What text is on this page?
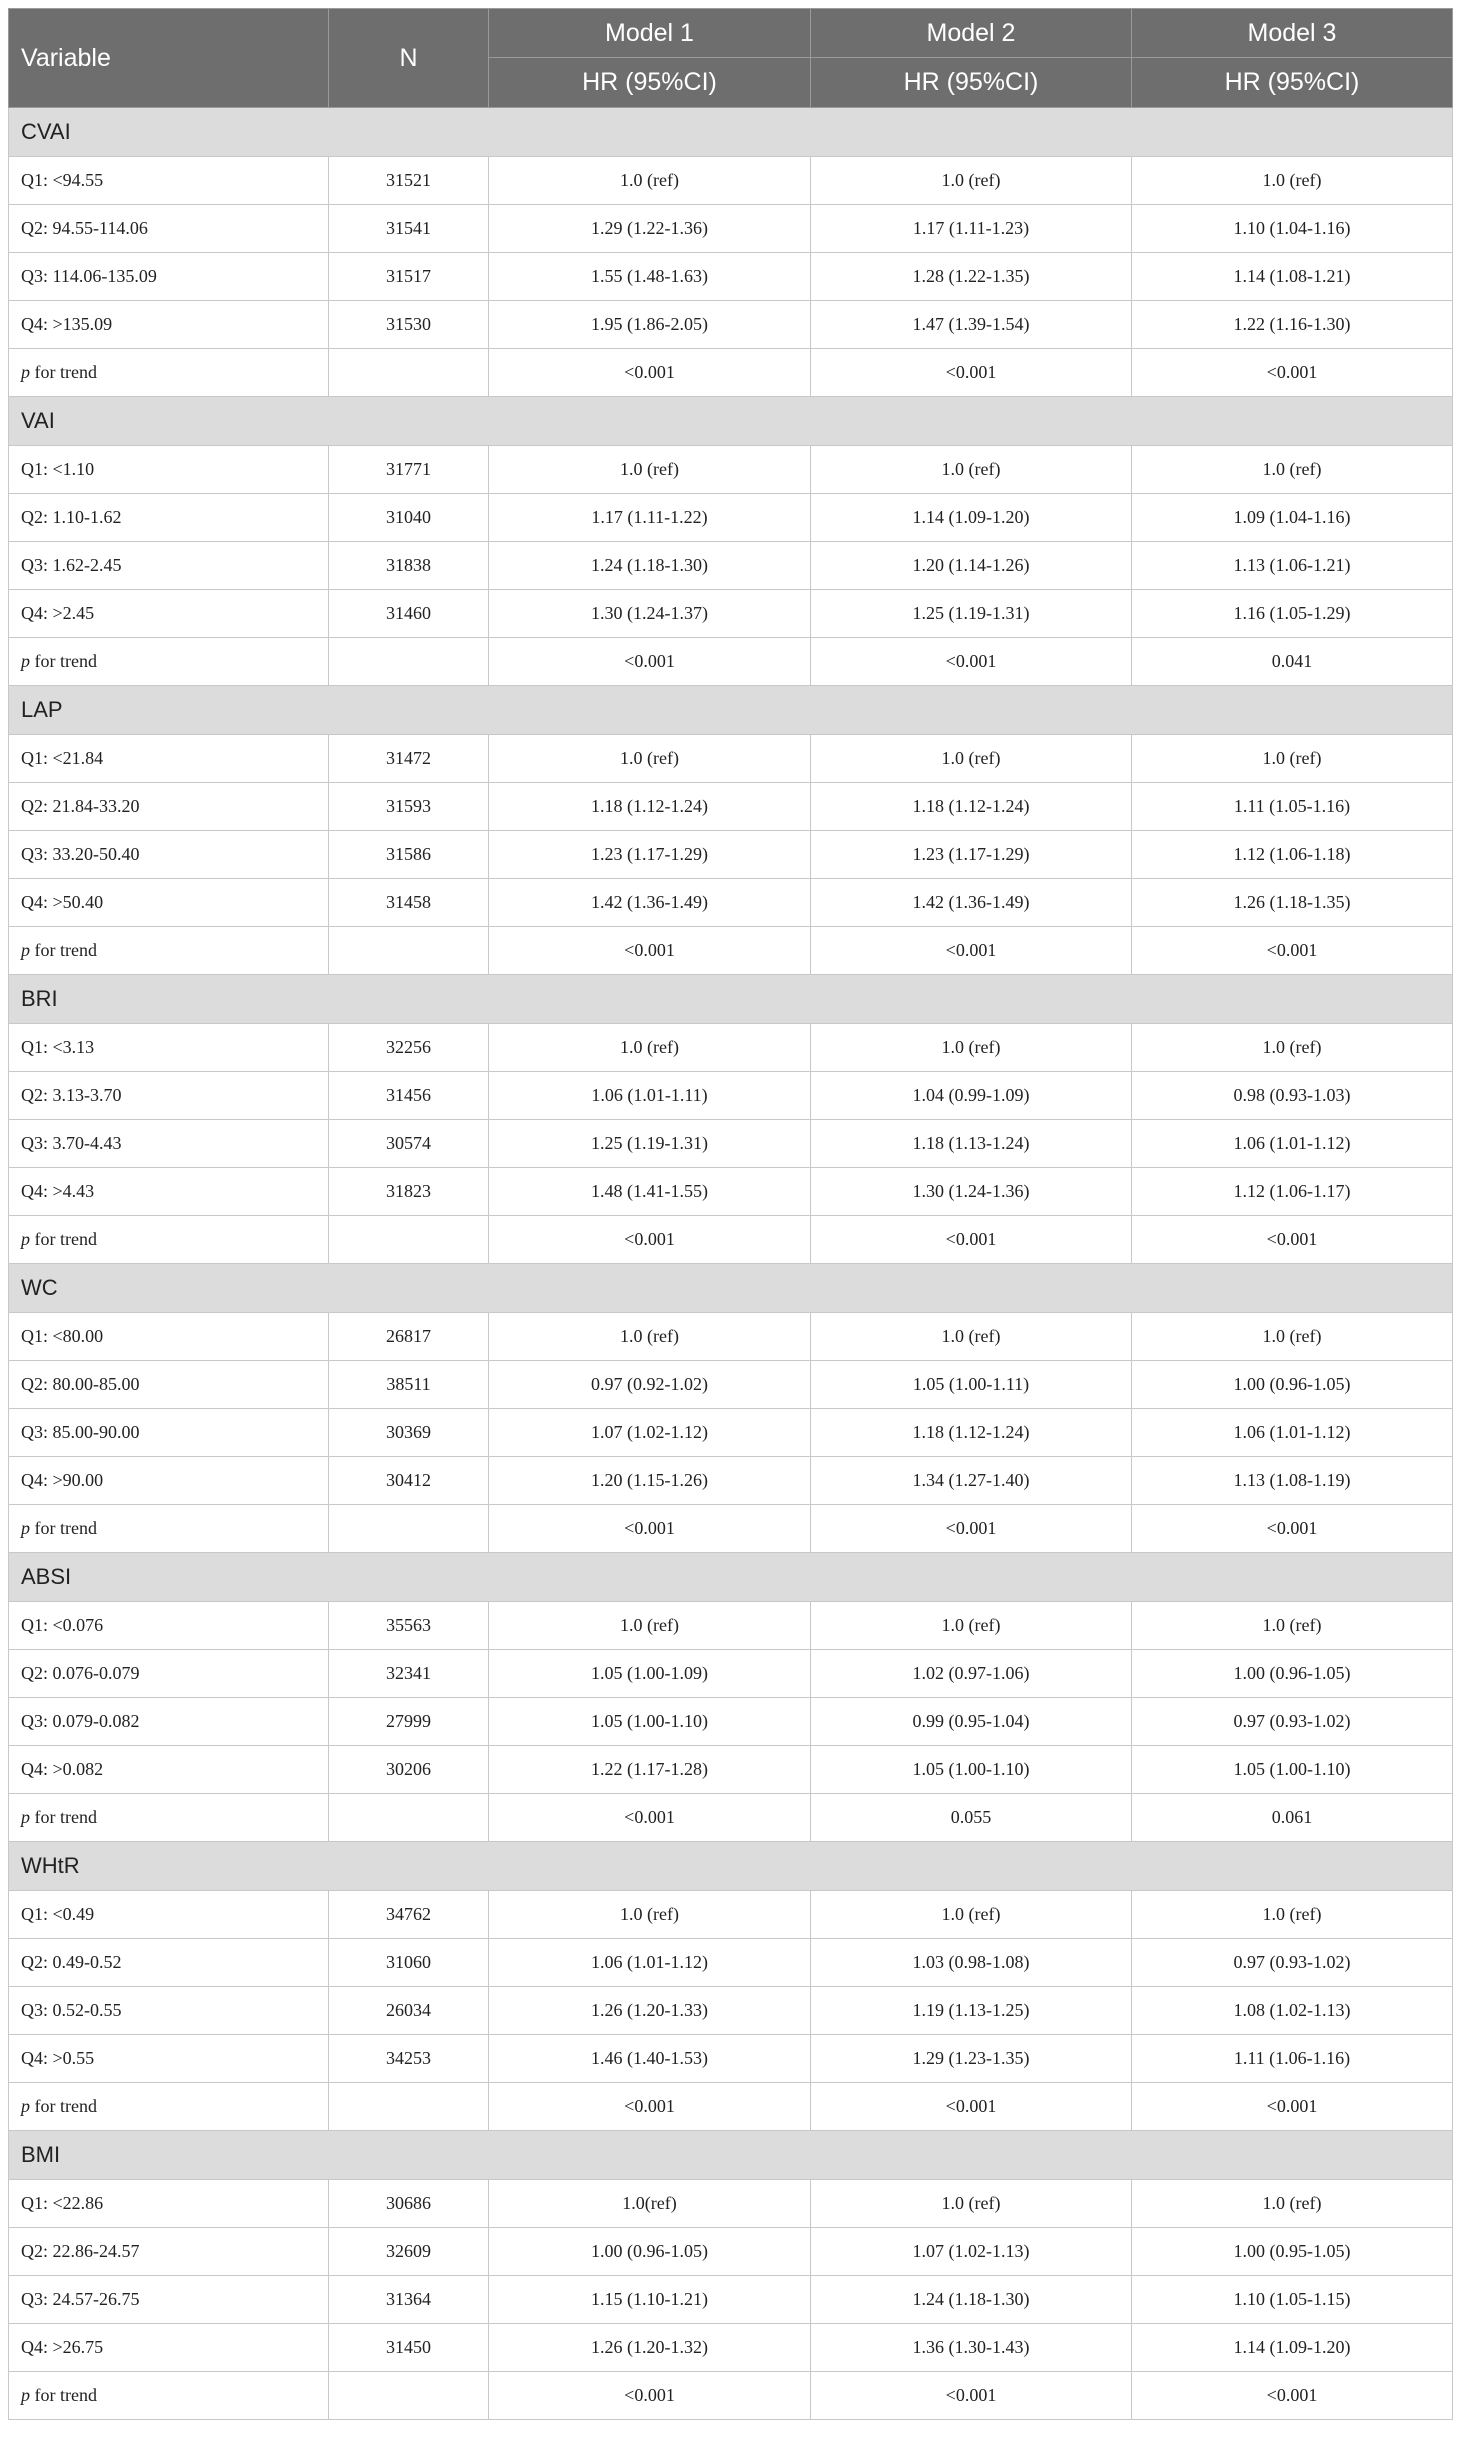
Variable	N	Model 1	Model 2	Model 3
		HR (95%CI)	HR (95%CI)	HR (95%CI)
CVAI				
Q1: <94.55	31521	1.0 (ref)	1.0 (ref)	1.0 (ref)
Q2: 94.55-114.06	31541	1.29 (1.22-1.36)	1.17 (1.11-1.23)	1.10 (1.04-1.16)
Q3: 114.06-135.09	31517	1.55 (1.48-1.63)	1.28 (1.22-1.35)	1.14 (1.08-1.21)
Q4: >135.09	31530	1.95 (1.86-2.05)	1.47 (1.39-1.54)	1.22 (1.16-1.30)
p for trend		<0.001	<0.001	<0.001
VAI				
Q1: <1.10	31771	1.0 (ref)	1.0 (ref)	1.0 (ref)
Q2: 1.10-1.62	31040	1.17 (1.11-1.22)	1.14 (1.09-1.20)	1.09 (1.04-1.16)
Q3: 1.62-2.45	31838	1.24 (1.18-1.30)	1.20 (1.14-1.26)	1.13 (1.06-1.21)
Q4: >2.45	31460	1.30 (1.24-1.37)	1.25 (1.19-1.31)	1.16 (1.05-1.29)
p for trend		<0.001	<0.001	0.041
LAP				
Q1: <21.84	31472	1.0 (ref)	1.0 (ref)	1.0 (ref)
Q2: 21.84-33.20	31593	1.18 (1.12-1.24)	1.18 (1.12-1.24)	1.11 (1.05-1.16)
Q3: 33.20-50.40	31586	1.23 (1.17-1.29)	1.23 (1.17-1.29)	1.12 (1.06-1.18)
Q4: >50.40	31458	1.42 (1.36-1.49)	1.42 (1.36-1.49)	1.26 (1.18-1.35)
p for trend		<0.001	<0.001	<0.001
BRI				
Q1: <3.13	32256	1.0 (ref)	1.0 (ref)	1.0 (ref)
Q2: 3.13-3.70	31456	1.06 (1.01-1.11)	1.04 (0.99-1.09)	0.98 (0.93-1.03)
Q3: 3.70-4.43	30574	1.25 (1.19-1.31)	1.18 (1.13-1.24)	1.06 (1.01-1.12)
Q4: >4.43	31823	1.48 (1.41-1.55)	1.30 (1.24-1.36)	1.12 (1.06-1.17)
p for trend		<0.001	<0.001	<0.001
WC				
Q1: <80.00	26817	1.0 (ref)	1.0 (ref)	1.0 (ref)
Q2: 80.00-85.00	38511	0.97 (0.92-1.02)	1.05 (1.00-1.11)	1.00 (0.96-1.05)
Q3: 85.00-90.00	30369	1.07 (1.02-1.12)	1.18 (1.12-1.24)	1.06 (1.01-1.12)
Q4: >90.00	30412	1.20 (1.15-1.26)	1.34 (1.27-1.40)	1.13 (1.08-1.19)
p for trend		<0.001	<0.001	<0.001
ABSI				
Q1: <0.076	35563	1.0 (ref)	1.0 (ref)	1.0 (ref)
Q2: 0.076-0.079	32341	1.05 (1.00-1.09)	1.02 (0.97-1.06)	1.00 (0.96-1.05)
Q3: 0.079-0.082	27999	1.05 (1.00-1.10)	0.99 (0.95-1.04)	0.97 (0.93-1.02)
Q4: >0.082	30206	1.22 (1.17-1.28)	1.05 (1.00-1.10)	1.05 (1.00-1.10)
p for trend		<0.001	0.055	0.061
WHtR				
Q1: <0.49	34762	1.0 (ref)	1.0 (ref)	1.0 (ref)
Q2: 0.49-0.52	31060	1.06 (1.01-1.12)	1.03 (0.98-1.08)	0.97 (0.93-1.02)
Q3: 0.52-0.55	26034	1.26 (1.20-1.33)	1.19 (1.13-1.25)	1.08 (1.02-1.13)
Q4: >0.55	34253	1.46 (1.40-1.53)	1.29 (1.23-1.35)	1.11 (1.06-1.16)
p for trend		<0.001	<0.001	<0.001
BMI				
Q1: <22.86	30686	1.0(ref)	1.0 (ref)	1.0 (ref)
Q2: 22.86-24.57	32609	1.00 (0.96-1.05)	1.07 (1.02-1.13)	1.00 (0.95-1.05)
Q3: 24.57-26.75	31364	1.15 (1.10-1.21)	1.24 (1.18-1.30)	1.10 (1.05-1.15)
Q4: >26.75	31450	1.26 (1.20-1.32)	1.36 (1.30-1.43)	1.14 (1.09-1.20)
p for trend		<0.001	<0.001	<0.001
